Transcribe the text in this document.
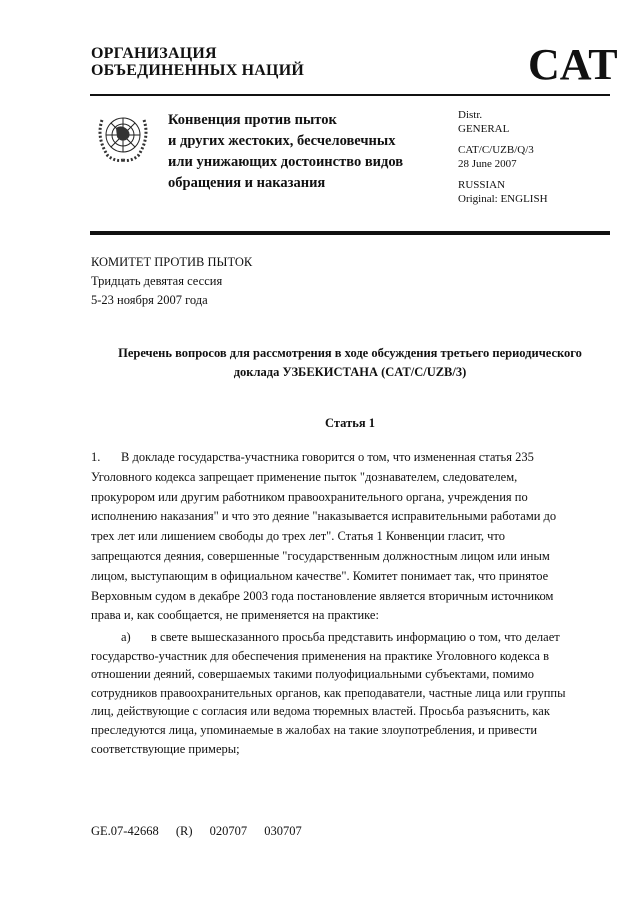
ОРГАНИЗАЦИЯ
ОБЪЕДИНЕННЫХ НАЦИЙ	CAT
Конвенция против пыток
и других жестоких, бесчеловечных
или унижающих достоинство видов
обращения и наказания
Distr.
GENERAL
CAT/C/UZB/Q/3
28 June 2007
RUSSIAN
Original: ENGLISH
КОМИТЕТ ПРОТИВ ПЫТОК
Тридцать девятая сессия
5-23 ноября 2007 года
Перечень вопросов для рассмотрения в ходе обсуждения третьего периодического
доклада УЗБЕКИСТАНА (CAT/C/UZB/3)
Статья 1
1. В докладе государства-участника говорится о том, что измененная статья 235
Уголовного кодекса запрещает применение пыток "дознавателем, следователем,
прокурором или другим работником правоохранительного органа, учреждения по
исполнению наказания" и что это деяние "наказывается исправительными работами до
трех лет или лишением свободы до трех лет". Статья 1 Конвенции гласит, что
запрещаются деяния, совершенные "государственным должностным лицом или иным
лицом, выступающим в официальном качестве". Комитет понимает так, что принятое
Верховным судом в декабре 2003 года постановление является вторичным источником
права и, как сообщается, не применяется на практике:
a) в свете вышесказанного просьба представить информацию о том, что делает
государство-участник для обеспечения применения на практике Уголовного кодекса в
отношении деяний, совершаемых такими полуофициальными субъектами, помимо
сотрудников правоохранительных органов, как преподаватели, частные лица или группы
лиц, действующие с согласия или ведома тюремных властей. Просьба разъяснить, как
преследуются лица, упоминаемые в жалобах на такие злоупотребления, и привести
соответствующие примеры;
GE.07-42668 (R) 020707 030707
